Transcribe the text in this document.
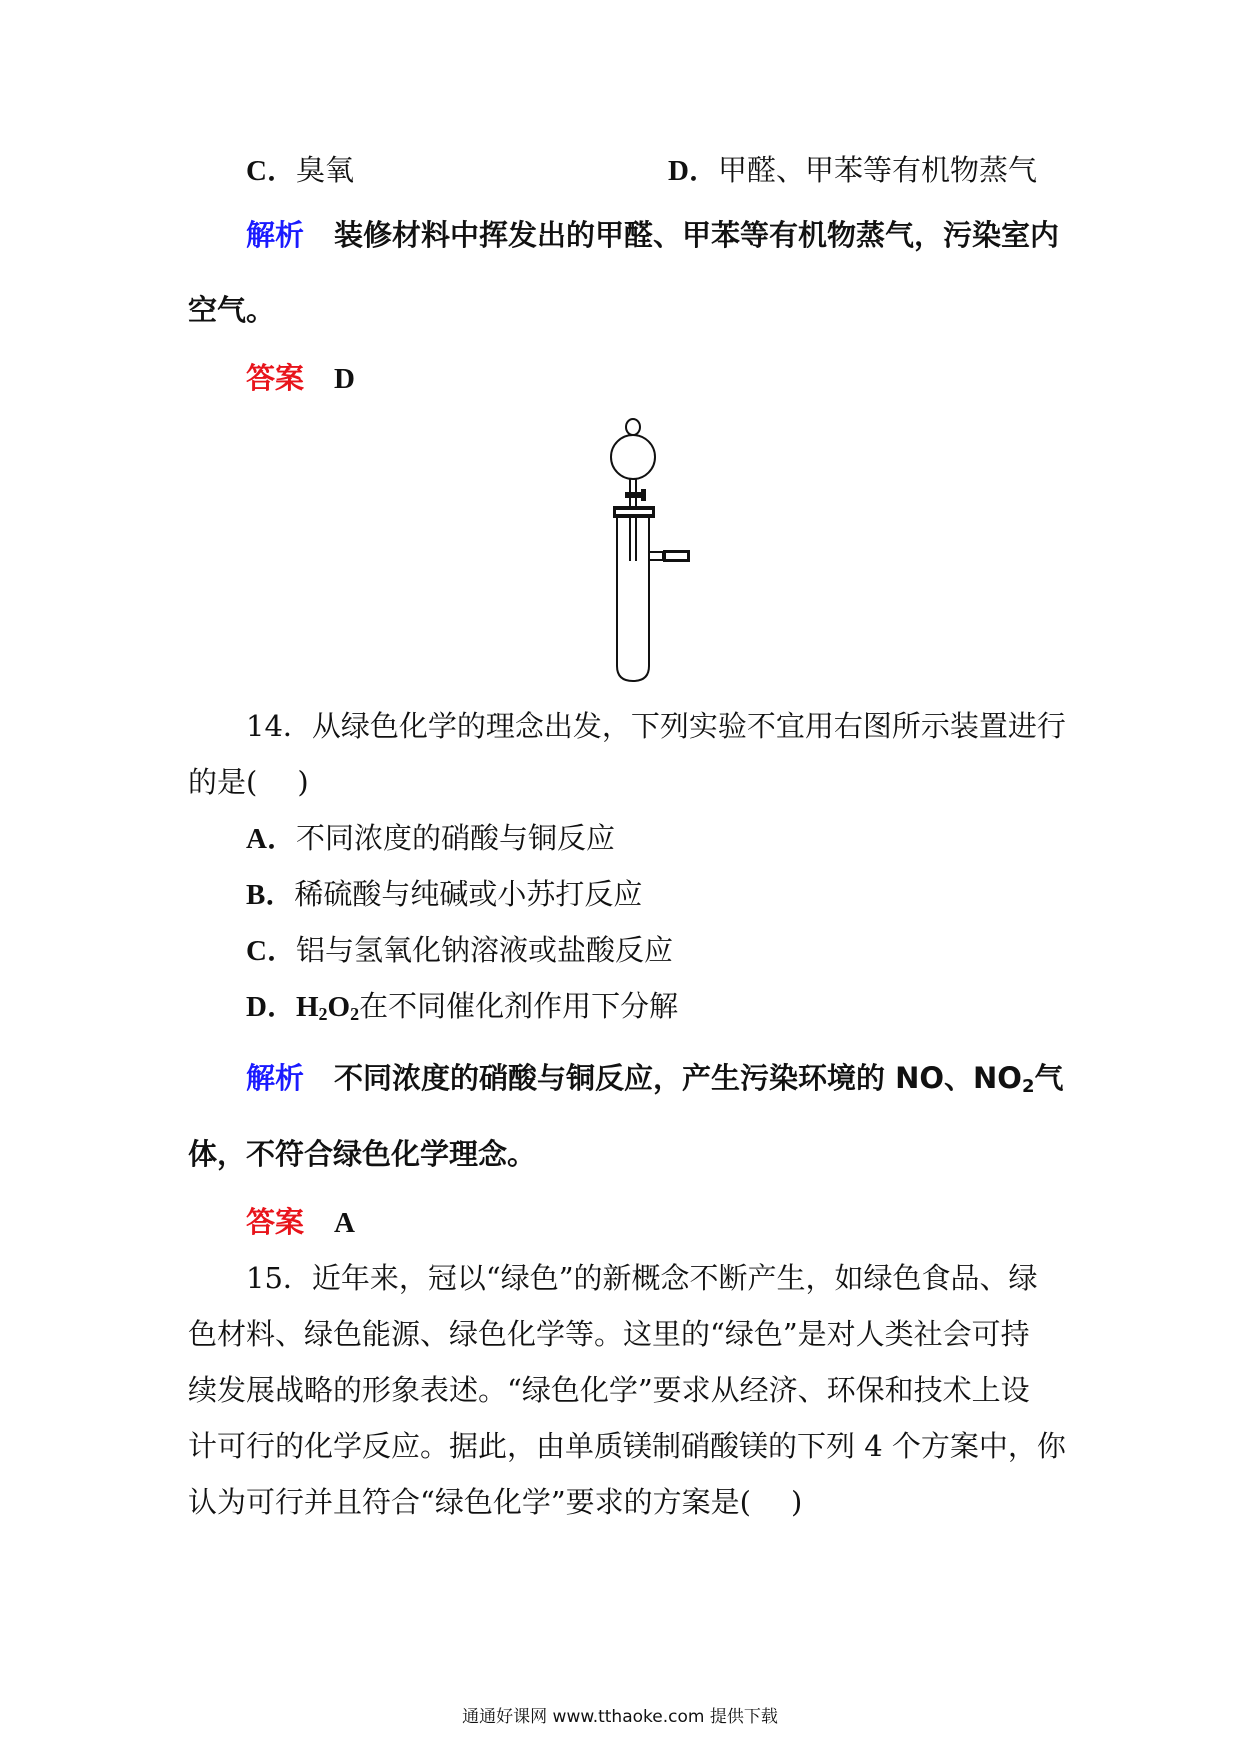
C．臭氧	D．甲醛、甲苯等有机物蒸气
解析 装修材料中挥发出的甲醛、甲苯等有机物蒸气，污染室内
空气。
答案 D
14．从绿色化学的理念出发，下列实验不宜用右图所示装置进行
的是( )
A．不同浓度的硝酸与铜反应
B．稀硫酸与纯碱或小苏打反应
C．铝与氢氧化钠溶液或盐酸反应
D．$H_2O_2$在不同催化剂作用下分解
解析 不同浓度的硝酸与铜反应，产生污染环境的 NO、$NO_2$气
体，不符合绿色化学理念。
答案 A
15．近年来，冠以“绿色”的新概念不断产生，如绿色食品、绿
色材料、绿色能源、绿色化学等。这里的“绿色”是对人类社会可持
续发展战略的形象表述。“绿色化学”要求从经济、环保和技术上设
计可行的化学反应。据此，由单质镁制硝酸镁的下列 4 个方案中，你
认为可行并且符合“绿色化学”要求的方案是( )
通通好课网 www.tthaoke.com 提供下载
